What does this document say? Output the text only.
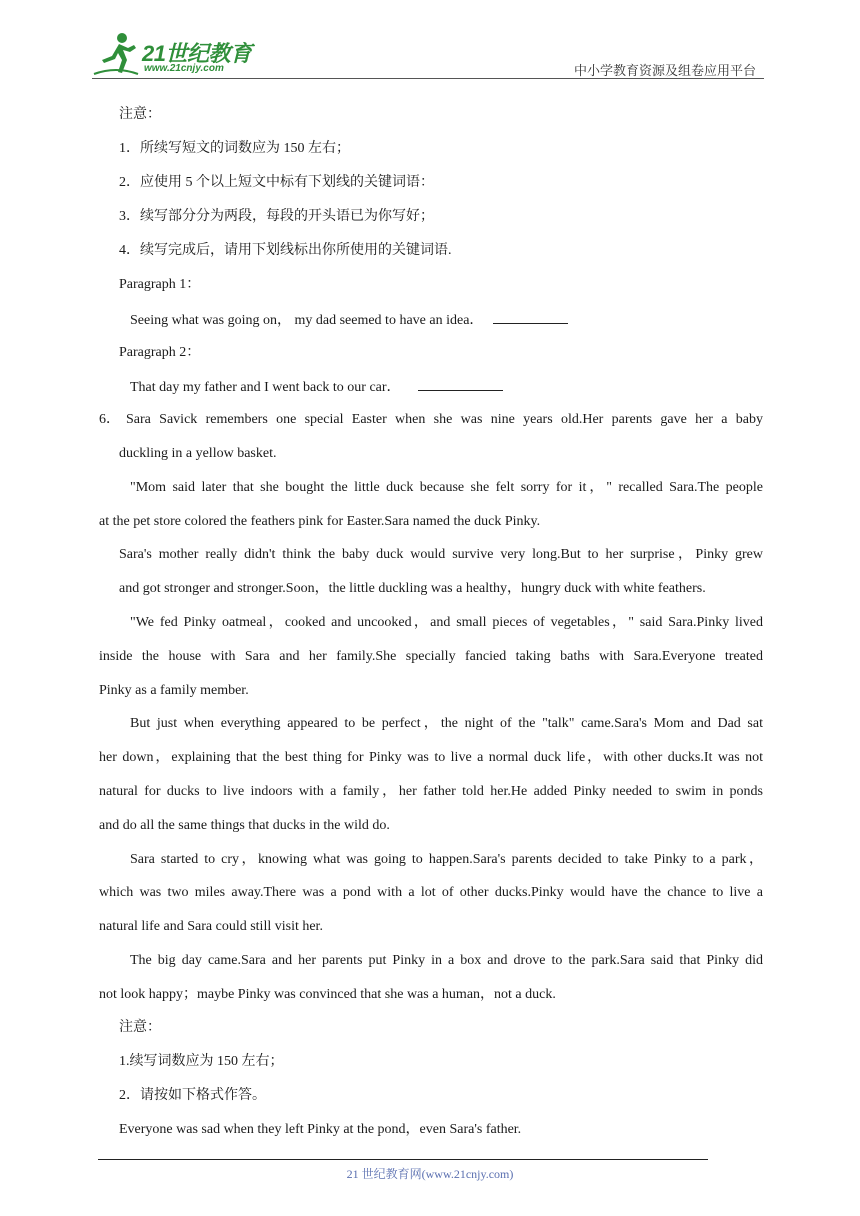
21世纪教育
www.21cnjy.com	中小学教育资源及组卷应用平台
注意：
1．所续写短文的词数应为 150 左右；
2．应使用 5 个以上短文中标有下划线的关键词语：
3．续写部分分为两段，每段的开头语已为你写好；
4．续写完成后，请用下划线标出你所使用的关键词语.
Paragraph 1：
Seeing what was going on， my dad seemed to have an idea．
Paragraph 2：
That day my father and I went back to our car．
6． Sara Savick remembers one special Easter when she was nine years old.Her parents gave her a baby
duckling in a yellow basket.
"Mom said later that she bought the little duck because she felt sorry for it，" recalled Sara.The people
at the pet store colored the feathers pink for Easter.Sara named the duck Pinky.
Sara's mother really didn't think the baby duck would survive very long.But to her surprise，Pinky grew
and got stronger and stronger.Soon，the little duckling was a healthy，hungry duck with white feathers.
"We fed Pinky oatmeal，cooked and uncooked，and small pieces of vegetables，" said Sara.Pinky lived
inside the house with Sara and her family.She specially fancied taking baths with Sara.Everyone treated
Pinky as a family member.
But just when everything appeared to be perfect，the night of the "talk" came.Sara's Mom and Dad sat
her down，explaining that the best thing for Pinky was to live a normal duck life，with other ducks.It was not
natural for ducks to live indoors with a family，her father told her.He added Pinky needed to swim in ponds
and do all the same things that ducks in the wild do.
Sara started to cry，knowing what was going to happen.Sara's parents decided to take Pinky to a park，
which was two miles away.There was a pond with a lot of other ducks.Pinky would have the chance to live a
natural life and Sara could still visit her.
The big day came.Sara and her parents put Pinky in a box and drove to the park.Sara said that Pinky did
not look happy；maybe Pinky was convinced that she was a human，not a duck.
注意：
1.续写词数应为 150 左右；
2．请按如下格式作答。
Everyone was sad when they left Pinky at the pond，even Sara's father.
21 世纪教育网(www.21cnjy.com)
